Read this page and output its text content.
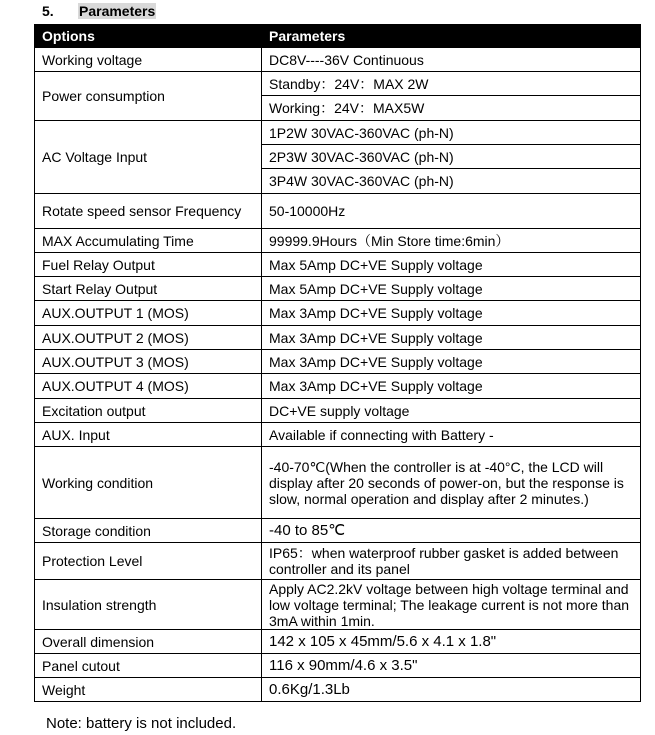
5. Parameters
Options	Parameters
Working voltage	DC8V----36V Continuous
Power consumption	Standby：24V：MAX 2W
	Working：24V：MAX5W
AC Voltage Input	1P2W 30VAC-360VAC (ph-N)
	2P3W 30VAC-360VAC (ph-N)
	3P4W 30VAC-360VAC (ph-N)
Rotate speed sensor Frequency	50-10000Hz
MAX Accumulating Time	99999.9Hours（Min Store time:6min）
Fuel Relay Output	Max 5Amp DC+VE Supply voltage
Start Relay Output	Max 5Amp DC+VE Supply voltage
AUX.OUTPUT 1 (MOS)	Max 3Amp DC+VE Supply voltage
AUX.OUTPUT 2 (MOS)	Max 3Amp DC+VE Supply voltage
AUX.OUTPUT 3 (MOS)	Max 3Amp DC+VE Supply voltage
AUX.OUTPUT 4 (MOS)	Max 3Amp DC+VE Supply voltage
Excitation output	DC+VE supply voltage
AUX. Input	Available if connecting with Battery -
Working condition	-40-70℃(When the controller is at -40°C, the LCD will display after 20 seconds of power-on, but the response is slow, normal operation and display after 2 minutes.)
Storage condition	-40 to 85℃
Protection Level	IP65：when waterproof rubber gasket is added between controller and its panel
Insulation strength	Apply AC2.2kV voltage between high voltage terminal and low voltage terminal; The leakage current is not more than 3mA within 1min.
Overall dimension	142 x 105 x 45mm/5.6 x 4.1 x 1.8"
Panel cutout	116 x 90mm/4.6 x 3.5"
Weight	0.6Kg/1.3Lb
Note: battery is not included.
